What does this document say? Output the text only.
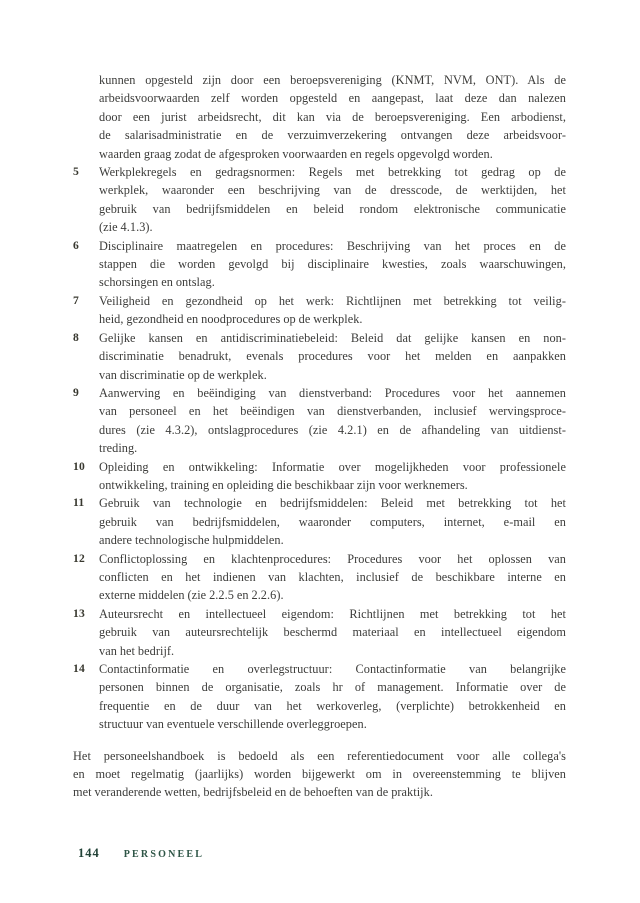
kunnen opgesteld zijn door een beroepsvereniging (KNMT, NVM, ONT). Als de
arbeidsvoorwaarden zelf worden opgesteld en aangepast, laat deze dan nalezen
door een jurist arbeidsrecht, dit kan via de beroepsvereniging. Een arbodienst,
de salarisadministratie en de verzuimverzekering ontvangen deze arbeidsvoor-
waarden graag zodat de afgesproken voorwaarden en regels opgevolgd worden.
5 Werkplekregels en gedragsnormen: Regels met betrekking tot gedrag op de
werkplek, waaronder een beschrijving van de dresscode, de werktijden, het
gebruik van bedrijfsmiddelen en beleid rondom elektronische communicatie
(zie 4.1.3).
6 Disciplinaire maatregelen en procedures: Beschrijving van het proces en de
stappen die worden gevolgd bij disciplinaire kwesties, zoals waarschuwingen,
schorsingen en ontslag.
7 Veiligheid en gezondheid op het werk: Richtlijnen met betrekking tot veilig-
heid, gezondheid en noodprocedures op de werkplek.
8 Gelijke kansen en antidiscriminatiebeleid: Beleid dat gelijke kansen en non-
discriminatie benadrukt, evenals procedures voor het melden en aanpakken
van discriminatie op de werkplek.
9 Aanwerving en beëindiging van dienstverband: Procedures voor het aannemen
van personeel en het beëindigen van dienstverbanden, inclusief wervingsproce-
dures (zie 4.3.2), ontslagprocedures (zie 4.2.1) en de afhandeling van uitdienst-
treding.
10 Opleiding en ontwikkeling: Informatie over mogelijkheden voor professionele
ontwikkeling, training en opleiding die beschikbaar zijn voor werknemers.
11 Gebruik van technologie en bedrijfsmiddelen: Beleid met betrekking tot het
gebruik van bedrijfsmiddelen, waaronder computers, internet, e-mail en
andere technologische hulpmiddelen.
12 Conflictoplossing en klachtenprocedures: Procedures voor het oplossen van
conflicten en het indienen van klachten, inclusief de beschikbare interne en
externe middelen (zie 2.2.5 en 2.2.6).
13 Auteursrecht en intellectueel eigendom: Richtlijnen met betrekking tot het
gebruik van auteursrechtelijk beschermd materiaal en intellectueel eigendom
van het bedrijf.
14 Contactinformatie en overlegstructuur: Contactinformatie van belangrijke
personen binnen de organisatie, zoals hr of management. Informatie over de
frequentie en de duur van het werkoverleg, (verplichte) betrokkenheid en
structuur van eventuele verschillende overleggroepen.
Het personeelshandboek is bedoeld als een referentiedocument voor alle collega's
en moet regelmatig (jaarlijks) worden bijgewerkt om in overeenstemming te blijven
met veranderende wetten, bedrijfsbeleid en de behoeften van de praktijk.
144 PERSONEEL
